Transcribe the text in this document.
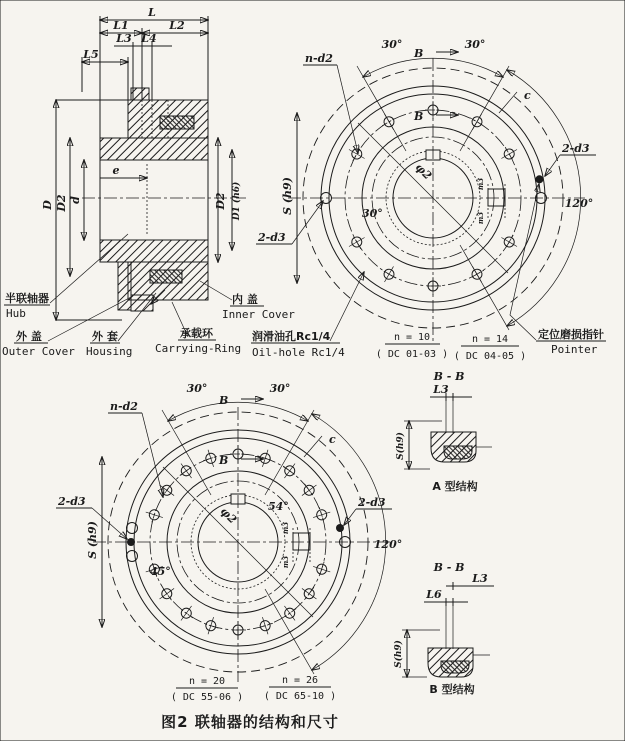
L
L1	L2
L3 L4
L5
e
D D2 d	D2 D1 (h6)
半联轴器
Hub
外 盖
Outer Cover
外 套
Housing
承载环
Carrying-Ring
内 盖
Inner Cover
m3
m3
30°	30°
120°
30°
c
φ2
B
B
S (h9)
n-d2
2-d3
2-d3
润滑油孔Rc1/4
Oil-hole Rc1/4
定位磨损指针
Pointer
n = 10
( DC 01-03 )
n = 14
( DC 04-05 )
m3
m3
30°	30°
120°
45°
54°
c
φ2
B
B
S (h9)
n-d2
2-d3	2-d3
n = 20
( DC 55-06 )
n = 26
( DC 65-10 )
B - B
L3
S(h9)
A 型结构
B - B
L3
L6
S(h9)
B 型结构
图2 联轴器的结构和尺寸
